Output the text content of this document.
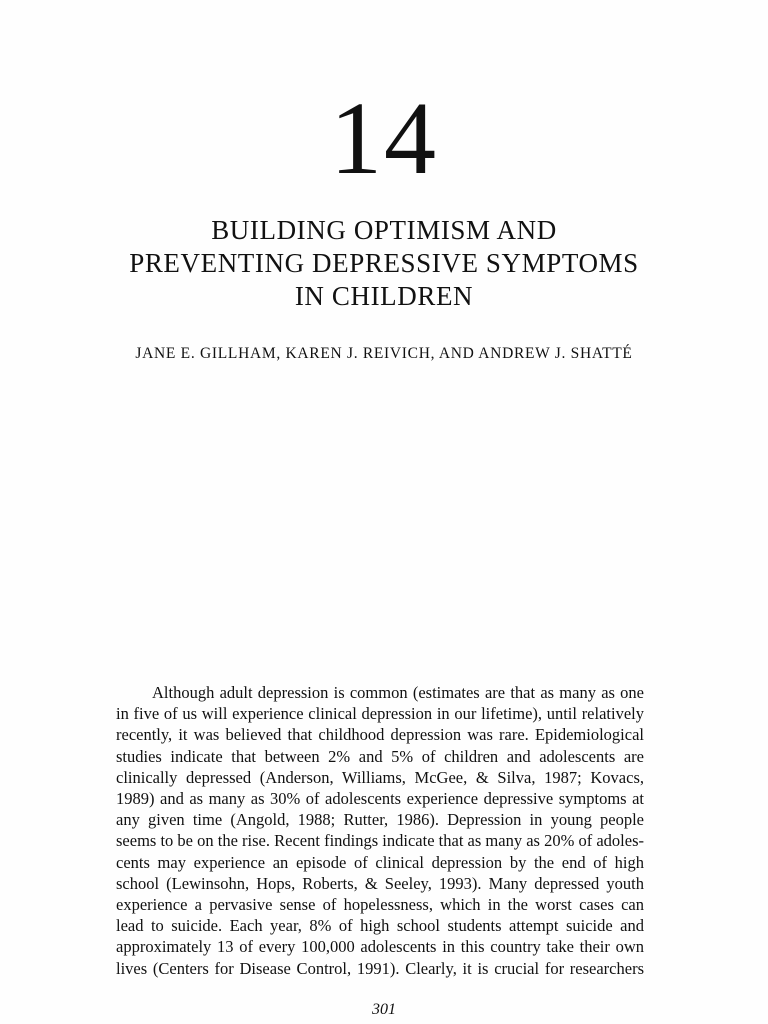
14
BUILDING OPTIMISM AND
PREVENTING DEPRESSIVE SYMPTOMS
IN CHILDREN
JANE E. GILLHAM, KAREN J. REIVICH, AND ANDREW J. SHATTÉ
Although adult depression is common (estimates are that as many as one
in five of us will experience clinical depression in our lifetime), until relatively
recently, it was believed that childhood depression was rare. Epidemiological
studies indicate that between 2% and 5% of children and adolescents are
clinically depressed (Anderson, Williams, McGee, & Silva, 1987; Kovacs,
1989) and as many as 30% of adolescents experience depressive symptoms at
any given time (Angold, 1988; Rutter, 1986). Depression in young people
seems to be on the rise. Recent findings indicate that as many as 20% of adoles-
cents may experience an episode of clinical depression by the end of high
school (Lewinsohn, Hops, Roberts, & Seeley, 1993). Many depressed youth
experience a pervasive sense of hopelessness, which in the worst cases can
lead to suicide. Each year, 8% of high school students attempt suicide and
approximately 13 of every 100,000 adolescents in this country take their own
lives (Centers for Disease Control, 1991). Clearly, it is crucial for researchers
301
